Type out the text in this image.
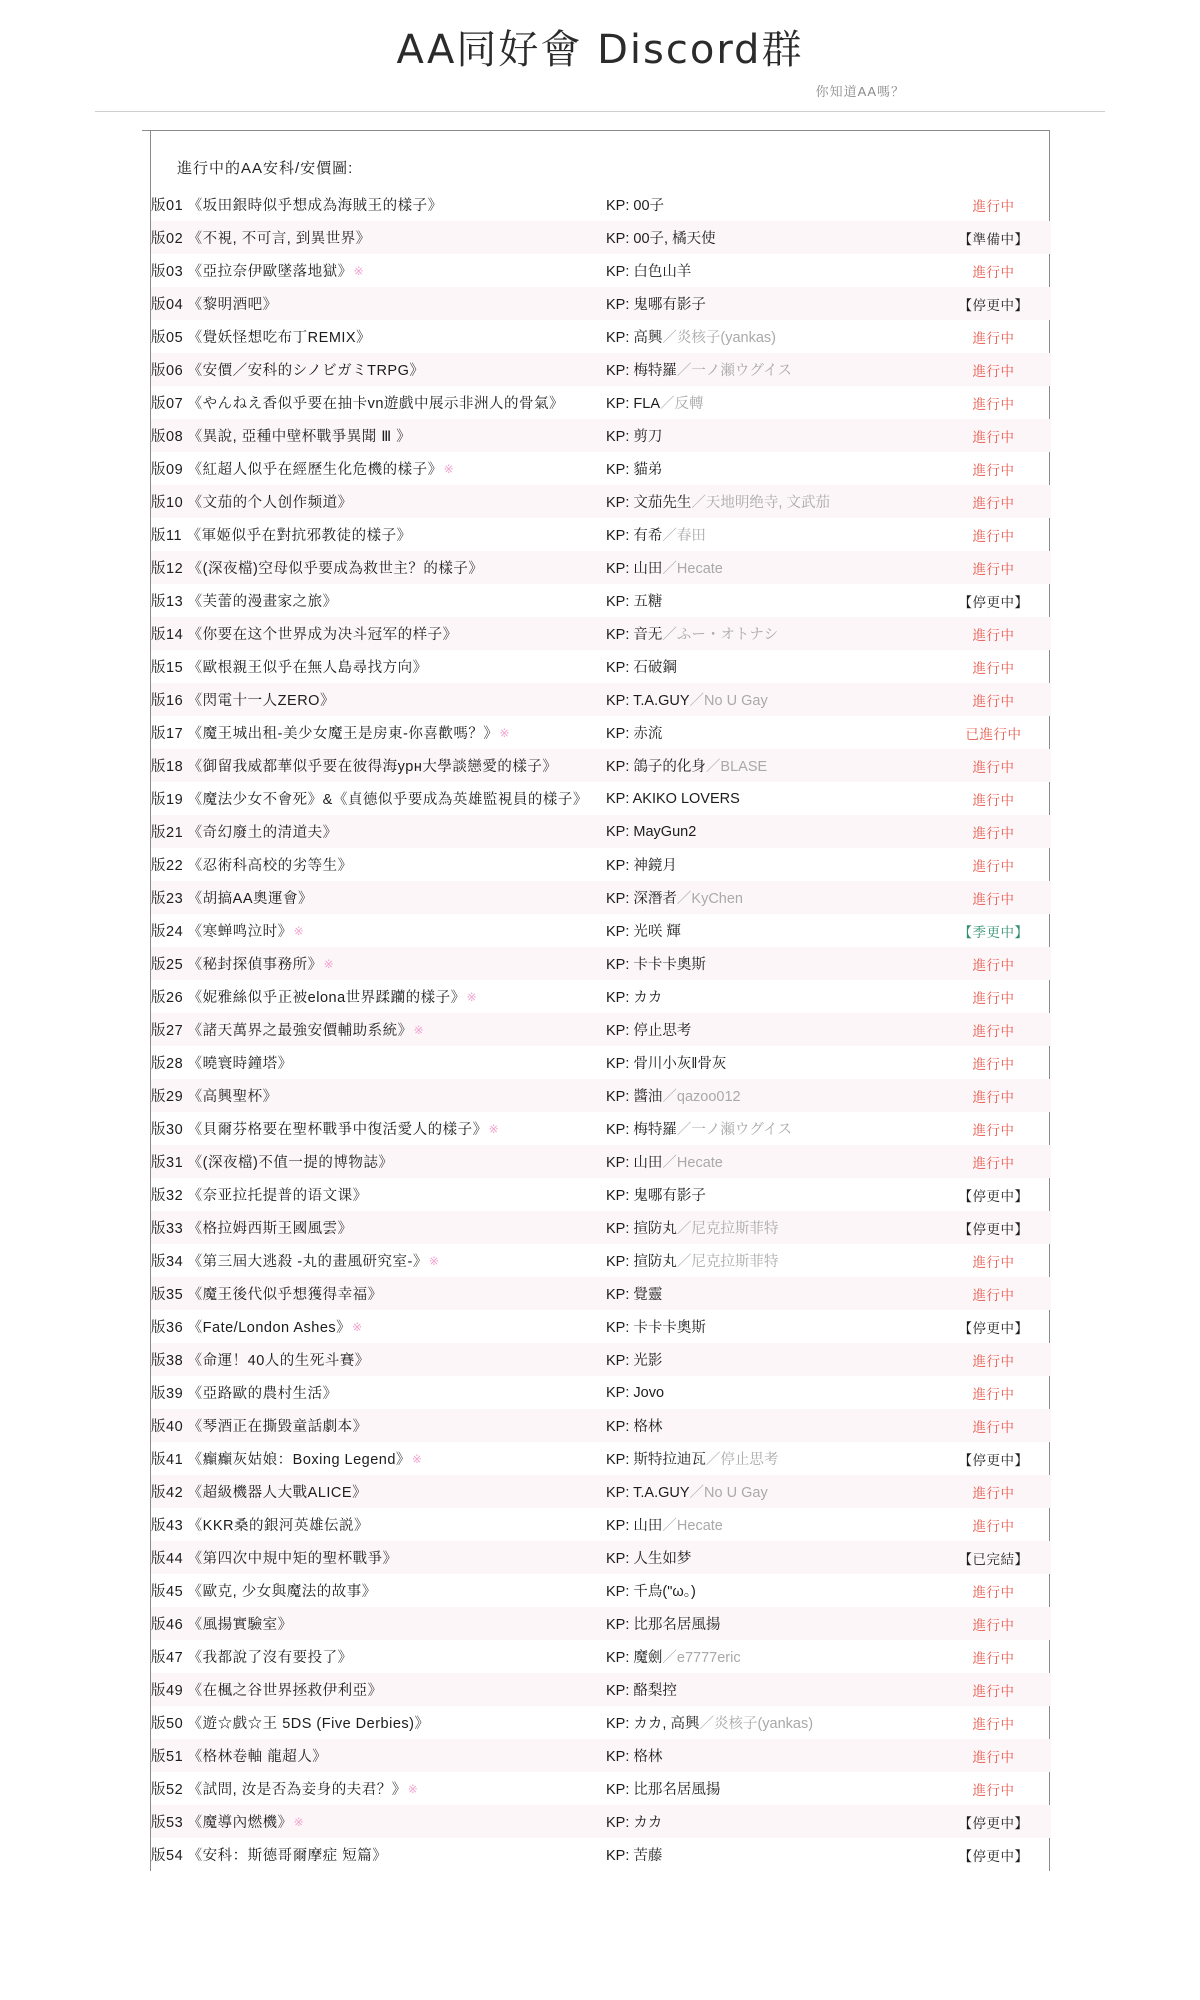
AA同好會 Discord群
你知道AA嗎？
進行中的AA安科/安價圖:
版01 《坂田銀時似乎想成為海賊王的樣子》	KP: 00子	進行中
版02 《不視, 不可言, 到異世界》	KP: 00子, 橘天使	【準備中】
版03 《亞拉奈伊歐墜落地獄》※	KP: 白色山羊	進行中
版04 《黎明酒吧》	KP: 鬼哪有影子	【停更中】
版05 《覺妖怪想吃布丁REMIX》	KP: 高興／炎核子(yankas)	進行中
版06 《安價／安科的シノビガミTRPG》	KP: 梅特羅／一ノ瀬ウグイス	進行中
版07 《やんねえ香似乎要在抽卡vn遊戲中展示非洲人的骨氣》	KP: FLA／反轉	進行中
版08 《異說, 亞種中壁杯戰爭異聞 Ⅲ 》	KP: 剪刀	進行中
版09 《紅超人似乎在經歷生化危機的樣子》※	KP: 貓弟	進行中
版10 《文茄的个人创作频道》	KP: 文茄先生／天地明绝寺, 文武茄	進行中
版11 《軍姬似乎在對抗邪教徒的樣子》	KP: 有希／春田	進行中
版12 《(深夜檔)空母似乎要成為救世主？的樣子》	KP: 山田／Hecate	進行中
版13 《芙蕾的漫畫家之旅》	KP: 五糖	【停更中】
版14 《你要在这个世界成为决斗冠军的样子》	KP: 音无／ふー・オトナシ	進行中
版15 《歐根親王似乎在無人島尋找方向》	KP: 石破鋼	進行中
版16 《閃電十一人ZERO》	KP: T.A.GUY／No U Gay	進行中
版17 《魔王城出租-美少女魔王是房東-你喜歡嗎？》※	KP: 赤流	已進行中
版18 《御留我威都華似乎要在彼得海урн大學談戀愛的樣子》	KP: 鴿子的化身／BLASE	進行中
版19 《魔法少女不會死》&《貞德似乎要成為英雄監視員的樣子》	KP: AKIKO LOVERS	進行中
版21 《奇幻廢土的清道夫》	KP: MayGun2	進行中
版22 《忍術科高校的劣等生》	KP: 神鏡月	進行中
版23 《胡搞AA奧運會》	KP: 深潛者／KyChen	進行中
版24 《寒蝉鸣泣时》※	KP: 光咲 輝	【季更中】
版25 《秘封探偵事務所》※	KP: 卡卡卡奧斯	進行中
版26 《妮雅絲似乎正被elona世界蹂躪的樣子》※	KP: カカ	進行中
版27 《諸天萬界之最強安價輔助系統》※	KP: 停止思考	進行中
版28 《曉寰時鐘塔》	KP: 骨川小灰‖骨灰	進行中
版29 《高興聖杯》	KP: 醬油／qazoo012	進行中
版30 《貝爾芬格要在聖杯戰爭中復活愛人的樣子》※	KP: 梅特羅／一ノ瀬ウグイス	進行中
版31 《(深夜檔)不值一提的博物誌》	KP: 山田／Hecate	進行中
版32 《奈亚拉托提普的语文课》	KP: 鬼哪有影子	【停更中】
版33 《格拉姆西斯王國風雲》	KP: 揎防丸／尼克拉斯菲特	【停更中】
版34 《第三屆大逃殺 -丸的畫風研究室-》※	KP: 揎防丸／尼克拉斯菲特	進行中
版35 《魔王後代似乎想獲得幸福》	KP: 覺靈	進行中
版36 《Fate/London Ashes》※	KP: 卡卡卡奧斯	【停更中】
版38 《命運！40人的生死斗賽》	KP: 光影	進行中
版39 《亞路歐的農村生活》	KP: Jovo	進行中
版40 《琴酒正在撕毀童話劇本》	KP: 格林	進行中
版41 《癲癲灰姑娘：Boxing Legend》※	KP: 斯特拉迪瓦／停止思考	【停更中】
版42 《超級機器人大戰ALICE》	KP: T.A.GUY／No U Gay	進行中
版43 《KKR桑的銀河英雄伝説》	KP: 山田／Hecate	進行中
版44 《第四次中規中矩的聖杯戰爭》	KP: 人生如梦	【已完結】
版45 《歐克, 少女與魔法的故事》	KP: 千鳥("ω。)	進行中
版46 《風揚實驗室》	KP: 比那名居風揚	進行中
版47 《我都說了沒有要投了》	KP: 魔劍／e7777eric	進行中
版49 《在楓之谷世界拯救伊利亞》	KP: 酪梨控	進行中
版50 《遊☆戲☆王 5DS (Five Derbies)》	KP: カカ, 高興／炎核子(yankas)	進行中
版51 《格林卷軸 龍超人》	KP: 格林	進行中
版52 《試問, 汝是否為妾身的夫君？》※	KP: 比那名居風揚	進行中
版53 《魔導內燃機》※	KP: カカ	【停更中】
版54 《安科：斯德哥爾摩症 短篇》	KP: 苦藤	【停更中】
